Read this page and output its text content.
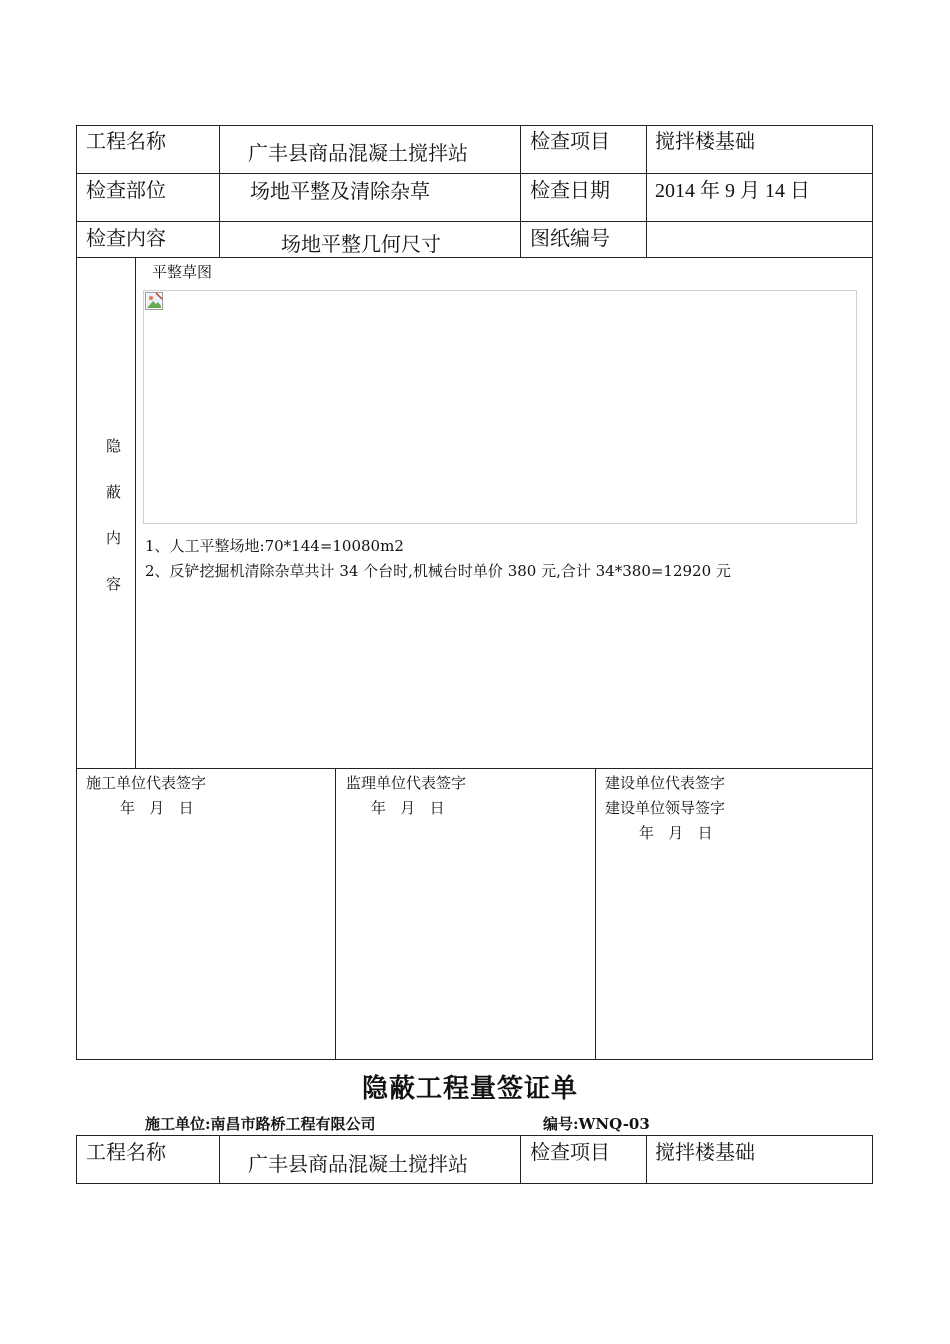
工程名称	广丰县商品混凝土搅拌站	检查项目 搅拌楼基础
检查部位	场地平整及清除杂草	检查日期 2014 年 9 月 14 日
检查内容	场地平整几何尺寸	图纸编号
隐
蔽
内
容
平整草图
1、人工平整场地:70*144=10080m2
2、反铲挖掘机清除杂草共计 34 个台时,机械台时单价 380 元,合计 34*380=12920 元
施工单位代表签字
年   月   日
监理单位代表签字
年   月   日
建设单位代表签字
建设单位领导签字
年   月   日
隐蔽工程量签证单
施工单位:南昌市路桥工程有限公司	编号:WNQ-03
工程名称	广丰县商品混凝土搅拌站	检查项目 搅拌楼基础
